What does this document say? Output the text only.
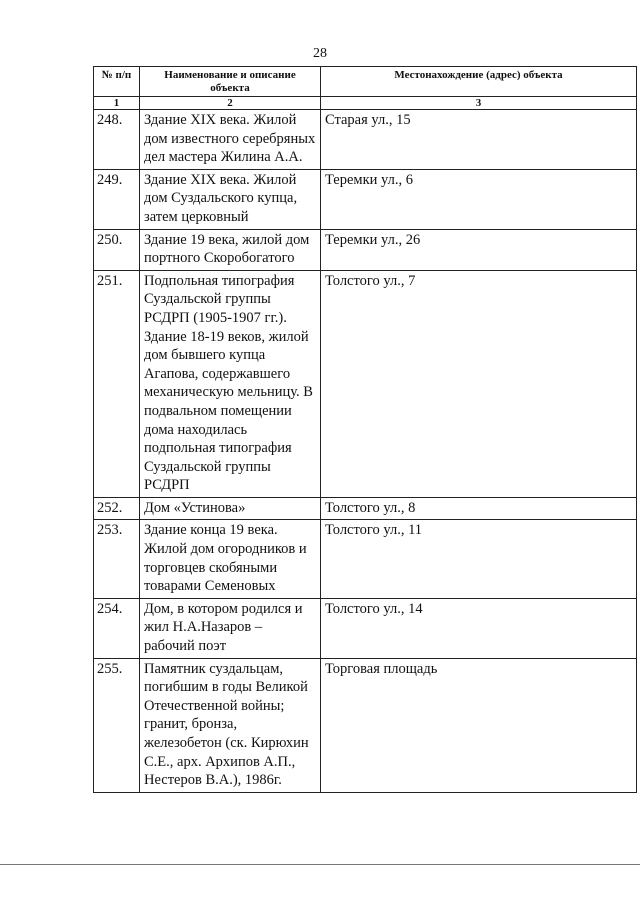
28
№ п/п	Наименование и описание объекта	Местонахождение (адрес) объекта
1	2	3
248.	Здание XIX века. Жилой дом известного серебряных дел мастера Жилина А.А.	Старая ул., 15
249.	Здание XIX века. Жилой дом Суздальского купца, затем церковный	Теремки ул., 6
250.	Здание 19 века, жилой дом портного Скоробогатого	Теремки ул., 26
251.	Подпольная типография Суздальской группы РСДРП (1905-1907 гг.). Здание 18-19 веков, жилой дом бывшего купца Агапова, содержавшего механическую мельницу. В подвальном помещении дома находилась подпольная типография Суздальской группы РСДРП	Толстого ул., 7
252.	Дом «Устинова»	Толстого ул., 8
253.	Здание конца 19 века. Жилой дом огородников и торговцев скобяными товарами Семеновых	Толстого ул., 11
254.	Дом, в котором родился и жил Н.А.Назаров – рабочий поэт	Толстого ул., 14
255.	Памятник суздальцам, погибшим в годы Великой Отечественной войны; гранит, бронза, железобетон (ск. Кирюхин С.Е., арх. Архипов А.П., Нестеров В.А.), 1986г.	Торговая площадь
